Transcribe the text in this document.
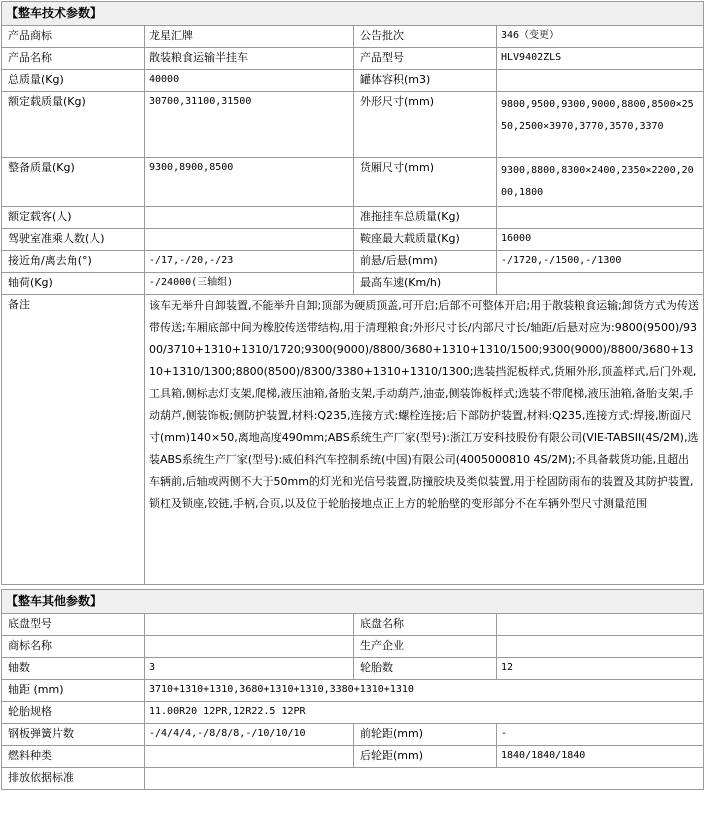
【整车技术参数】			
产品商标	龙星汇牌	公告批次	346（变更）
产品名称	散装粮食运输半挂车	产品型号	HLV9402ZLS
总质量(Kg)	40000	罐体容积(m3)	
额定载质量(Kg)	30700,31100,31500	外形尺寸(mm)	9800,9500,9300,9000,8800,8500×2550,2500×3970,3770,3570,3370
整备质量(Kg)	9300,8900,8500	货厢尺寸(mm)	9300,8800,8300×2400,2350×2200,2000,1800
额定载客(人)		准拖挂车总质量(Kg)	
驾驶室准乘人数(人)		鞍座最大载质量(Kg)	16000
接近角/离去角(°)	-/17,-/20,-/23	前悬/后悬(mm)	-/1720,-/1500,-/1300
轴荷(Kg)	-/24000(三轴组)	最高车速(Km/h)	
备注	该车无举升自卸装置,不能举升自卸;顶部为硬质顶盖,可开启;后部不可整体开启;用于散装粮食运输;卸货方式为传送带传送;车厢底部中间为橡胶传送带结构,用于清理粮食;外形尺寸长/内部尺寸长/轴距/后悬对应为:9800(9500)/9300/3710+1310+1310/1720;9300(9000)/8800/3680+1310+1310/1500;9300(9000)/8800/3680+1310+1310/1300;8800(8500)/8300/3380+1310+1310/1300;选装挡泥板样式,货厢外形,顶盖样式,后门外观,工具箱,侧标志灯支架,爬梯,液压油箱,备胎支架,手动葫芦,油壶,侧装饰板样式;选装不带爬梯,液压油箱,备胎支架,手动葫芦,侧装饰板;侧防护装置,材料:Q235,连接方式:螺栓连接;后下部防护装置,材料:Q235,连接方式:焊接,断面尺寸(mm)140×50,离地高度490mm;ABS系统生产厂家(型号):浙江万安科技股份有限公司(VIE-TABSII(4S/2M),选装ABS系统生产厂家(型号):威伯科汽车控制系统(中国)有限公司(4005000810 4S/2M);不具备载货功能,且超出车辆前,后轴或两侧不大于50mm的灯光和光信号装置,防撞胶块及类似装置,用于栓固防雨布的装置及其防护装置,锁杠及锁座,铰链,手柄,合页,以及位于轮胎接地点正上方的轮胎壁的变形部分不在车辆外型尺寸测量范围		
【整车其他参数】			
底盘型号		底盘名称	
商标名称		生产企业	
轴数	3	轮胎数	12
轴距 (mm)	3710+1310+1310,3680+1310+1310,3380+1310+1310		
轮胎规格	11.00R20 12PR,12R22.5 12PR		
钢板弹簧片数	-/4/4/4,-/8/8/8,-/10/10/10	前轮距(mm)	-
燃料种类		后轮距(mm)	1840/1840/1840
排放依据标准			
